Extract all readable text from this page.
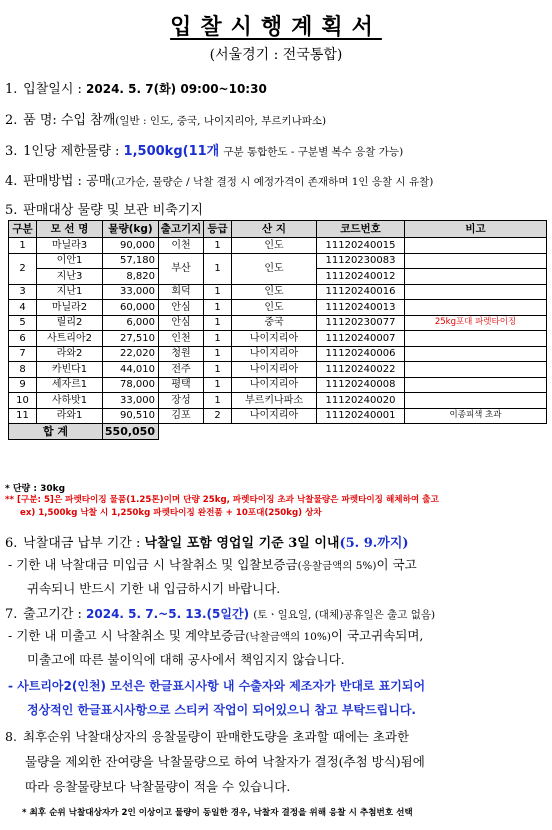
입찰시행계획서
(서울경기 : 전국통합)
1. 입찰일시 : 2024. 5. 7(화) 09:00~10:30
2. 품 명: 수입 참깨(일반 : 인도, 중국, 나이지리아, 부르키나파소)
3. 1인당 제한물량 : 1,500kg(11개 구분 통합한도 - 구분별 복수 응찰 가능)
4. 판매방법 : 공매(고가순, 물량순 / 낙찰 결정 시 예정가격이 존재하며 1인 응찰 시 유찰)
5. 판매대상 물량 및 보관 비축기지
구분	모 선 명	물량(kg)	출고기지	등급	산 지	코드번호	비고
1	마닐라3	90,000	이천	1	인도	11120240015	
2	이안1	57,180	부산	1	인도	11120230083	
	지난3	8,820				11120240012	
3	지난1	33,000	회덕	1	인도	11120240016	
4	마닐라2	60,000	안심	1	인도	11120240013	
5	릴리2	6,000	안심	1	중국	11120230077	25kg포대 파렛타이징
6	사트리아2	27,510	인천	1	나이지리아	11120240007	
7	라와2	22,020	청원	1	나이지리아	11120240006	
8	카빈다1	44,010	전주	1	나이지리아	11120240022	
9	세자르1	78,000	평택	1	나이지리아	11120240008	
10	사하밧1	33,000	장성	1	부르키나파소	11120240020	
11	라와1	90,510	김포	2	나이지리아	11120240001	이종피색 초과
합 계		550,050					
* 단량 : 30kg
** [구분: 5]은 파렛타이징 물품(1.25톤)이며 단량 25kg, 파렛타이징 초과 낙찰물량은 파렛타이징 해체하여 출고
ex) 1,500kg 낙찰 시 1,250kg 파렛타이징 완전품 + 10포대(250kg) 상차
6. 낙찰대금 납부 기간 : 낙찰일 포함 영업일 기준 3일 이내(5. 9.까지)
- 기한 내 낙찰대금 미입금 시 낙찰취소 및 입찰보증금(응찰금액의 5%)이 국고
귀속되니 반드시 기한 내 입금하시기 바랍니다.
7. 출고기간 : 2024. 5. 7.~5. 13.(5일간) (토ㆍ일요일, (대체)공휴일은 출고 없음)
- 기한 내 미출고 시 낙찰취소 및 계약보증금(낙찰금액의 10%)이 국고귀속되며,
미출고에 따른 불이익에 대해 공사에서 책임지지 않습니다.
- 사트리아2(인천) 모선은 한글표시사항 내 수출자와 제조자가 반대로 표기되어
정상적인 한글표시사항으로 스티커 작업이 되어있으니 참고 부탁드립니다.
8. 최후순위 낙찰대상자의 응찰물량이 판매한도량을 초과할 때에는 초과한
물량을 제외한 잔여량을 낙찰물량으로 하여 낙찰자가 결정(추첨 방식)됨에
따라 응찰물량보다 낙찰물량이 적을 수 있습니다.
* 최후 순위 낙찰대상자가 2인 이상이고 물량이 동일한 경우, 낙찰자 결정을 위해 응찰 시 추첨번호 선택
